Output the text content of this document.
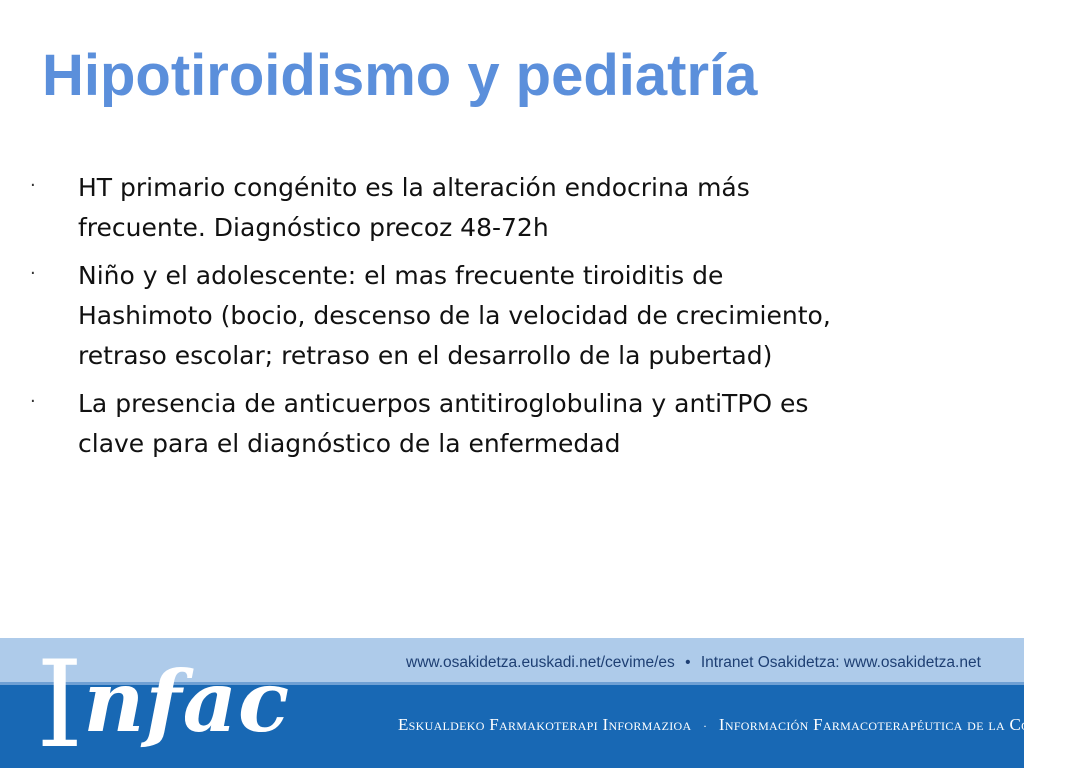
Hipotiroidismo y pediatría
·	HT primario congénito es la alteración endocrina más
frecuente. Diagnóstico precoz 48-72h
·	Niño y el adolescente: el mas frecuente tiroiditis de
Hashimoto (bocio, descenso de la velocidad de crecimiento,
retraso escolar; retraso en el desarrollo de la pubertad)
·	La presencia de anticuerpos antitiroglobulina y antiTPO es
clave para el diagnóstico de la enfermedad
Infac	www.osakidetza.euskadi.net/cevime/es • Intranet Osakidetza: www.osakidetza.net
Eskualdeko Farmakoterapi Informazioa · Información Farmacoterapéutica de la Comarca
